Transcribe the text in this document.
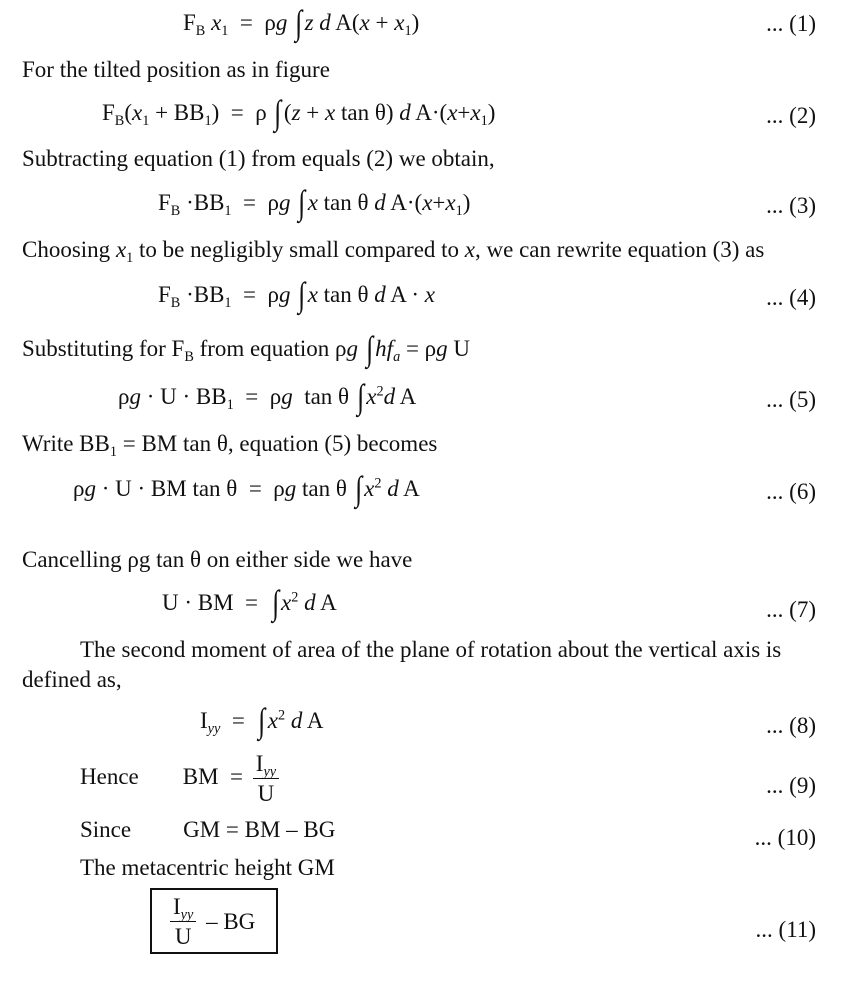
$F_B$ $x_1 = \rho g$ ∫z d $A(x + x_1)$	... (1)
For the tilted position as in figure
$F_B(x_1 + BB_1) = \rho$ ∫(z + x tan θ) d $A\cdot(x+x_1)$	... (2)
Subtracting equation (1) from equals (2) we obtain,
$F_B \cdot BB_1 = \rho g$ ∫x tan θ d $A\cdot(x+x_1)$	... (3)
Choosing $x_1$ to be negligibly small compared to x, we can rewrite equation (3) as
$F_B \cdot BB_1 = \rho g$ ∫x tan θ d A · x	... (4)
Substituting for $F_B$ from equation ρg $\int hf_a = \rho g$ U
$\rho g \cdot U \cdot BB_1 = \rho g$  tan θ $\int x^2d$ A	... (5)
Write $BB_1$ = BM tan θ, equation (5) becomes
ρg · U · BM tan θ  =  ρg tan θ $\int x^2$ d A	... (6)
Cancelling ρg tan θ on either side we have
U · BM  =  $\int x^2$ d A	... (7)
The second moment of area of the plane of rotation about the vertical axis is
defined as,
$I_{yy} = \int x^2$ d A	... (8)
Hence BM  = $\frac{I_{yy}}{U}$	... (9)
Since GM = BM – BG	... (10)
The metacentric height GM
$\frac{I_{yy}}{U}$ – BG	... (11)
